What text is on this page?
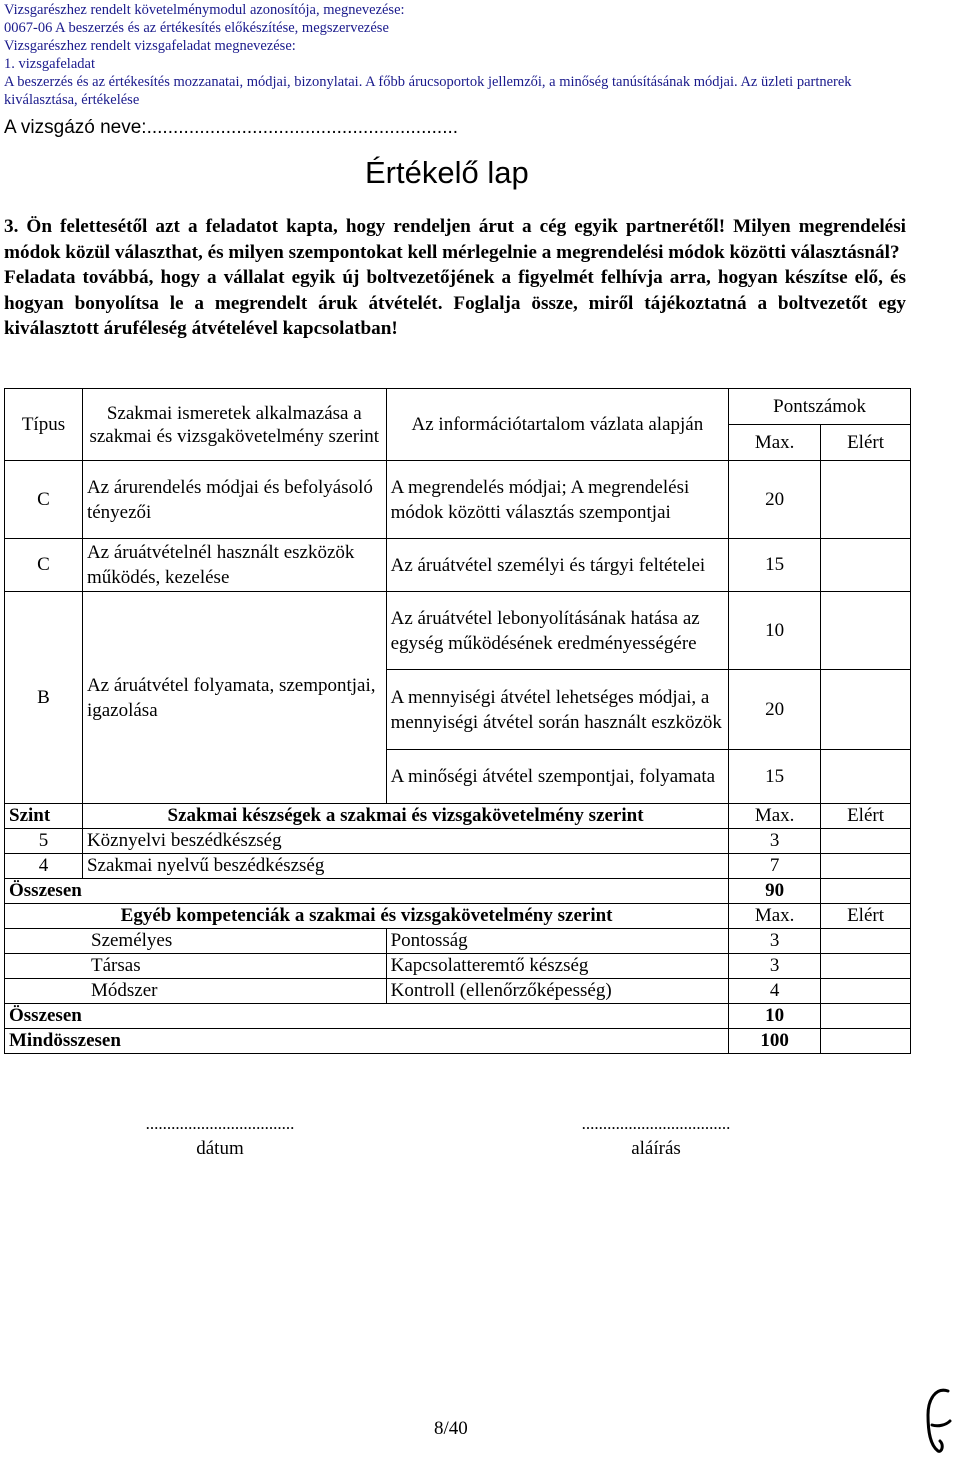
Vizsgarészhez rendelt követelménymodul azonosítója, megnevezése:
0067-06 A beszerzés és az értékesítés előkészítése, megszervezése
Vizsgarészhez rendelt vizsgafeladat megnevezése:
1. vizsgafeladat
A beszerzés és az értékesítés mozzanatai, módjai, bizonylatai. A főbb árucsoportok jellemzői, a minőség tanúsításának módjai. Az üzleti partnerek
kiválasztása, értékelése
A vizsgázó neve:...........................................................
Értékelő lap

3. Ön felettesétől azt a feladatot kapta, hogy rendeljen árut a cég egyik partnerétől! Milyen megrendelési módok közül választhat, és milyen szempontokat kell mérlegelnie a megrendelési módok közötti választásnál?

Feladata továbbá, hogy a vállalat egyik új boltvezetőjének a figyelmét felhívja arra, hogyan készítse elő, és hogyan bonyolítsa le a megrendelt áruk átvételét. Foglalja össze, miről tájékoztatná a boltvezetőt egy kiválasztott áruféleség átvételével kapcsolatban!

Típus	Szakmai ismeretek alkalmazása a szakmai és vizsgakövetelmény szerint	Az információtartalom vázlata alapján	Pontszámok	
			Max.	Elért
C	Az árurendelés módjai és befolyásoló tényezői	A megrendelés módjai; A megrendelési módok közötti választás szempontjai	20	
C	Az áruátvételnél használt eszközök működés, kezelése	Az áruátvétel személyi és tárgyi feltételei	15	
B	Az áruátvétel folyamata, szempontjai, igazolása	Az áruátvétel lebonyolításának hatása az egység működésének eredményességére	10	
		A mennyiségi átvétel lehetséges módjai, a mennyiségi átvétel során használt eszközök	20	
		A minőségi átvétel szempontjai, folyamata	15	
Szint	Szakmai készségek a szakmai és vizsgakövetelmény szerint		Max.	Elért
5	Köznyelvi beszédkészség		3	
4	Szakmai nyelvű beszédkészség		7	
Összesen			90	
Egyéb kompetenciák a szakmai és vizsgakövetelmény szerint			Max.	Elért
Személyes		Pontosság	3	
Társas		Kapcsolatteremtő készség	3	
Módszer		Kontroll (ellenőrzőképesség)	4	
Összesen			10	
Mindösszesen			100	
...................................
dátum
...................................
aláírás
8/40
